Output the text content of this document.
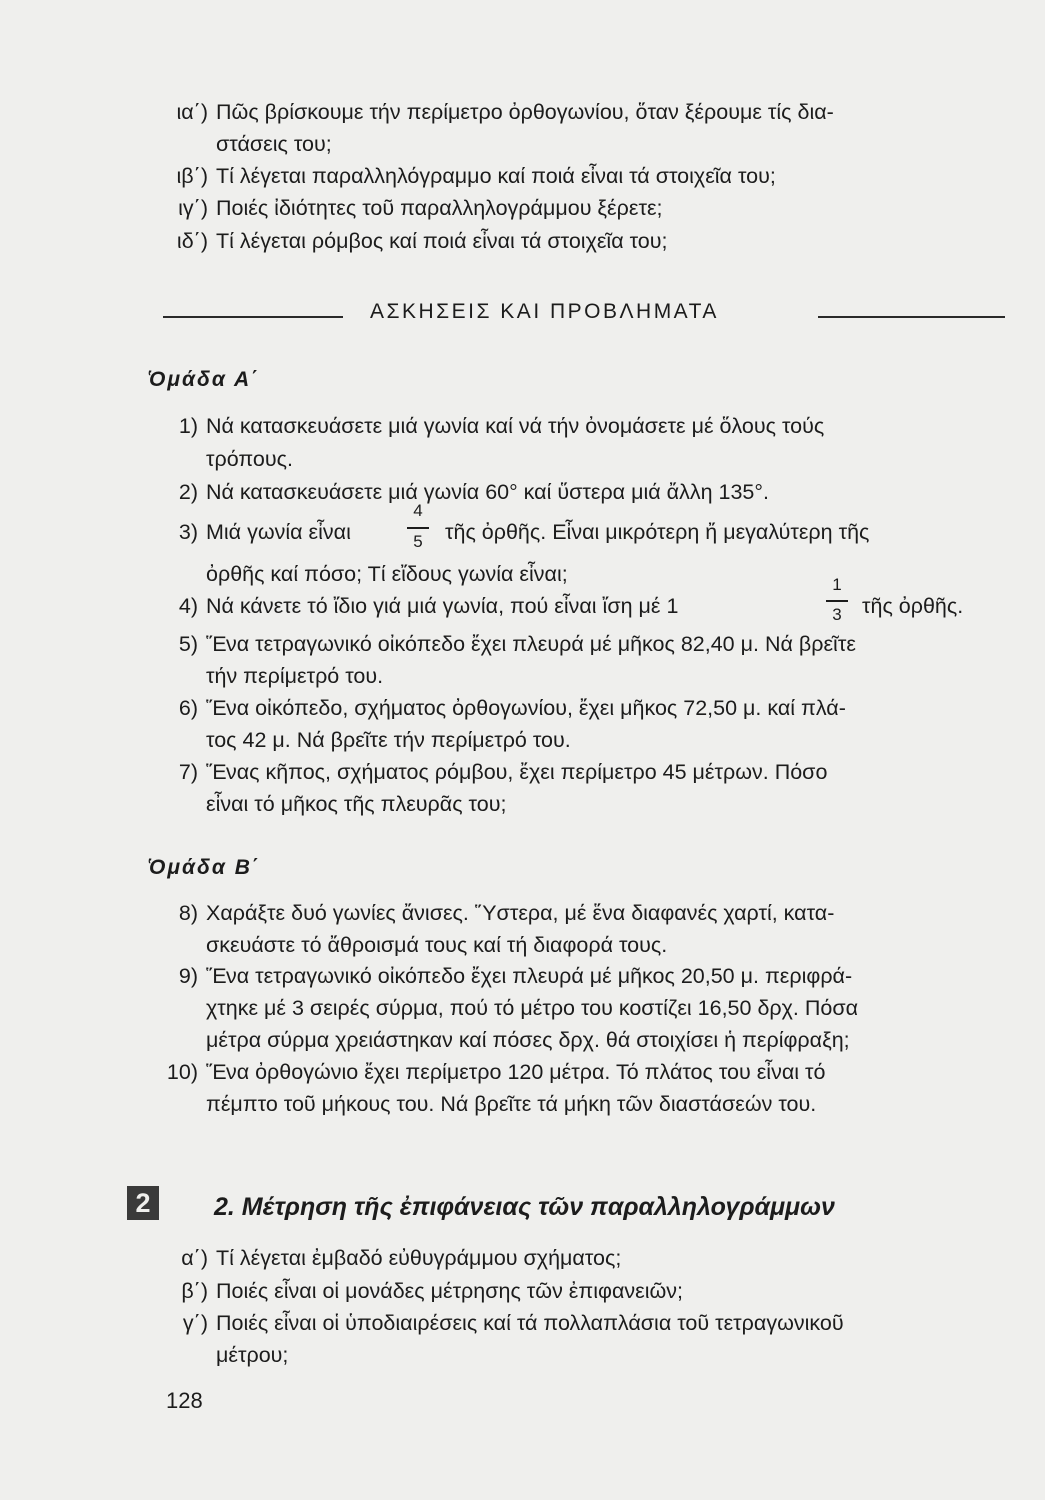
ια΄) Πῶς βρίσκουμε τήν περίμετρο ὀρθογωνίου, ὅταν ξέρουμε τίς δια-
στάσεις του;
ιβ΄) Τί λέγεται παραλληλόγραμμο καί ποιά εἶναι τά στοιχεῖα του;
ιγ΄) Ποιές ἰδιότητες τοῦ παραλληλογράμμου ξέρετε;
ιδ΄) Τί λέγεται ρόμβος καί ποιά εἶναι τά στοιχεῖα του;
ΑΣΚΗΣΕΙΣ ΚΑΙ ΠΡΟΒΛΗΜΑΤΑ
Ὁμάδα Α΄
1) Νά κατασκευάσετε μιά γωνία καί νά τήν ὀνομάσετε μέ ὅλους τούς
τρόπους.
2) Νά κατασκευάσετε μιά γωνία 60° καί ὕστερα μιά ἄλλη 135°.
3) Μιά γωνία εἶναι	τῆς ὀρθῆς. Εἶναι μικρότερη ἤ μεγαλύτερη τῆς
4
5
ὀρθῆς καί πόσο; Τί εἴδους γωνία εἶναι;
4) Νά κάνετε τό ἴδιο γιά μιά γωνία, πού εἶναι ἴση μέ 1	τῆς ὀρθῆς.
1
3
5) Ἕνα τετραγωνικό οἰκόπεδο ἔχει πλευρά μέ μῆκος 82,40 μ. Νά βρεῖτε
τήν περίμετρό του.
6) Ἕνα οἰκόπεδο, σχήματος ὀρθογωνίου, ἔχει μῆκος 72,50 μ. καί πλά-
τος 42 μ. Νά βρεῖτε τήν περίμετρό του.
7) Ἕνας κῆπος, σχήματος ρόμβου, ἔχει περίμετρο 45 μέτρων. Πόσο
εἶναι τό μῆκος τῆς πλευρᾶς του;
Ὁμάδα Β΄
8) Χαράξτε δυό γωνίες ἄνισες. Ὕστερα, μέ ἕνα διαφανές χαρτί, κατα-
σκευάστε τό ἄθροισμά τους καί τή διαφορά τους.
9) Ἕνα τετραγωνικό οἰκόπεδο ἔχει πλευρά μέ μῆκος 20,50 μ. περιφρά-
χτηκε μέ 3 σειρές σύρμα, πού τό μέτρο του κοστίζει 16,50 δρχ. Πόσα
μέτρα σύρμα χρειάστηκαν καί πόσες δρχ. θά στοιχίσει ἡ περίφραξη;
10) Ἕνα ὀρθογώνιο ἔχει περίμετρο 120 μέτρα. Τό πλάτος του εἶναι τό
πέμπτο τοῦ μήκους του. Νά βρεῖτε τά μήκη τῶν διαστάσεών του.
2	2. Μέτρηση τῆς ἐπιφάνειας τῶν παραλληλογράμμων
α΄) Τί λέγεται ἐμβαδό εὐθυγράμμου σχήματος;
β΄) Ποιές εἶναι οἱ μονάδες μέτρησης τῶν ἐπιφανειῶν;
γ΄) Ποιές εἶναι οἱ ὑποδιαιρέσεις καί τά πολλαπλάσια τοῦ τετραγωνικοῦ
μέτρου;
128
